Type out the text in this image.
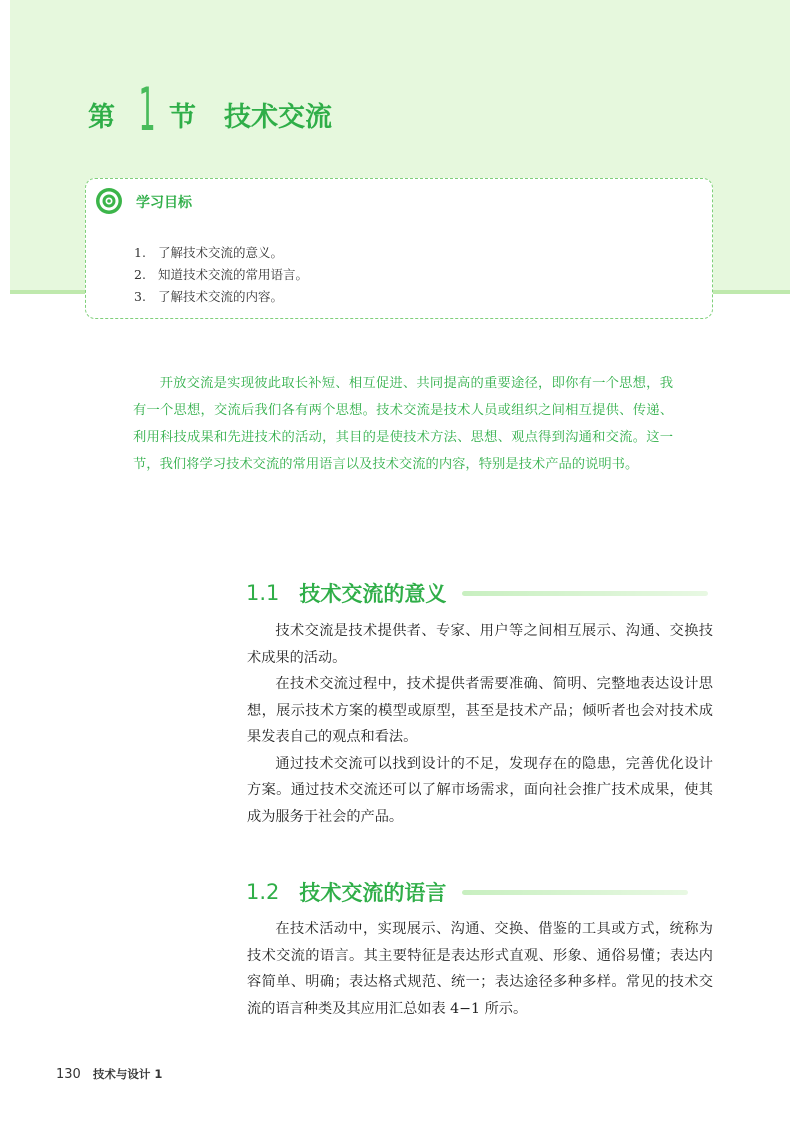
第 1 节 技术交流
学习目标
1. 了解技术交流的意义。
2. 知道技术交流的常用语言。
3. 了解技术交流的内容。

开放交流是实现彼此取长补短、相互促进、共同提高的重要途径，即你有一个思想，我有一个思想，交流后我们各有两个思想。技术交流是技术人员或组织之间相互提供、传递、利用科技成果和先进技术的活动，其目的是使技术方法、思想、观点得到沟通和交流。这一节，我们将学习技术交流的常用语言以及技术交流的内容，特别是技术产品的说明书。

1.1 技术交流的意义

技术交流是技术提供者、专家、用户等之间相互展示、沟通、交换技术成果的活动。

在技术交流过程中，技术提供者需要准确、简明、完整地表达设计思想，展示技术方案的模型或原型，甚至是技术产品；倾听者也会对技术成果发表自己的观点和看法。

通过技术交流可以找到设计的不足，发现存在的隐患，完善优化设计方案。通过技术交流还可以了解市场需求，面向社会推广技术成果，使其成为服务于社会的产品。

1.2 技术交流的语言

在技术活动中，实现展示、沟通、交换、借鉴的工具或方式，统称为技术交流的语言。其主要特征是表达形式直观、形象、通俗易懂；表达内容简单、明确；表达格式规范、统一；表达途径多种多样。常见的技术交流的语言种类及其应用汇总如表 4−1 所示。

130 技术与设计 1
